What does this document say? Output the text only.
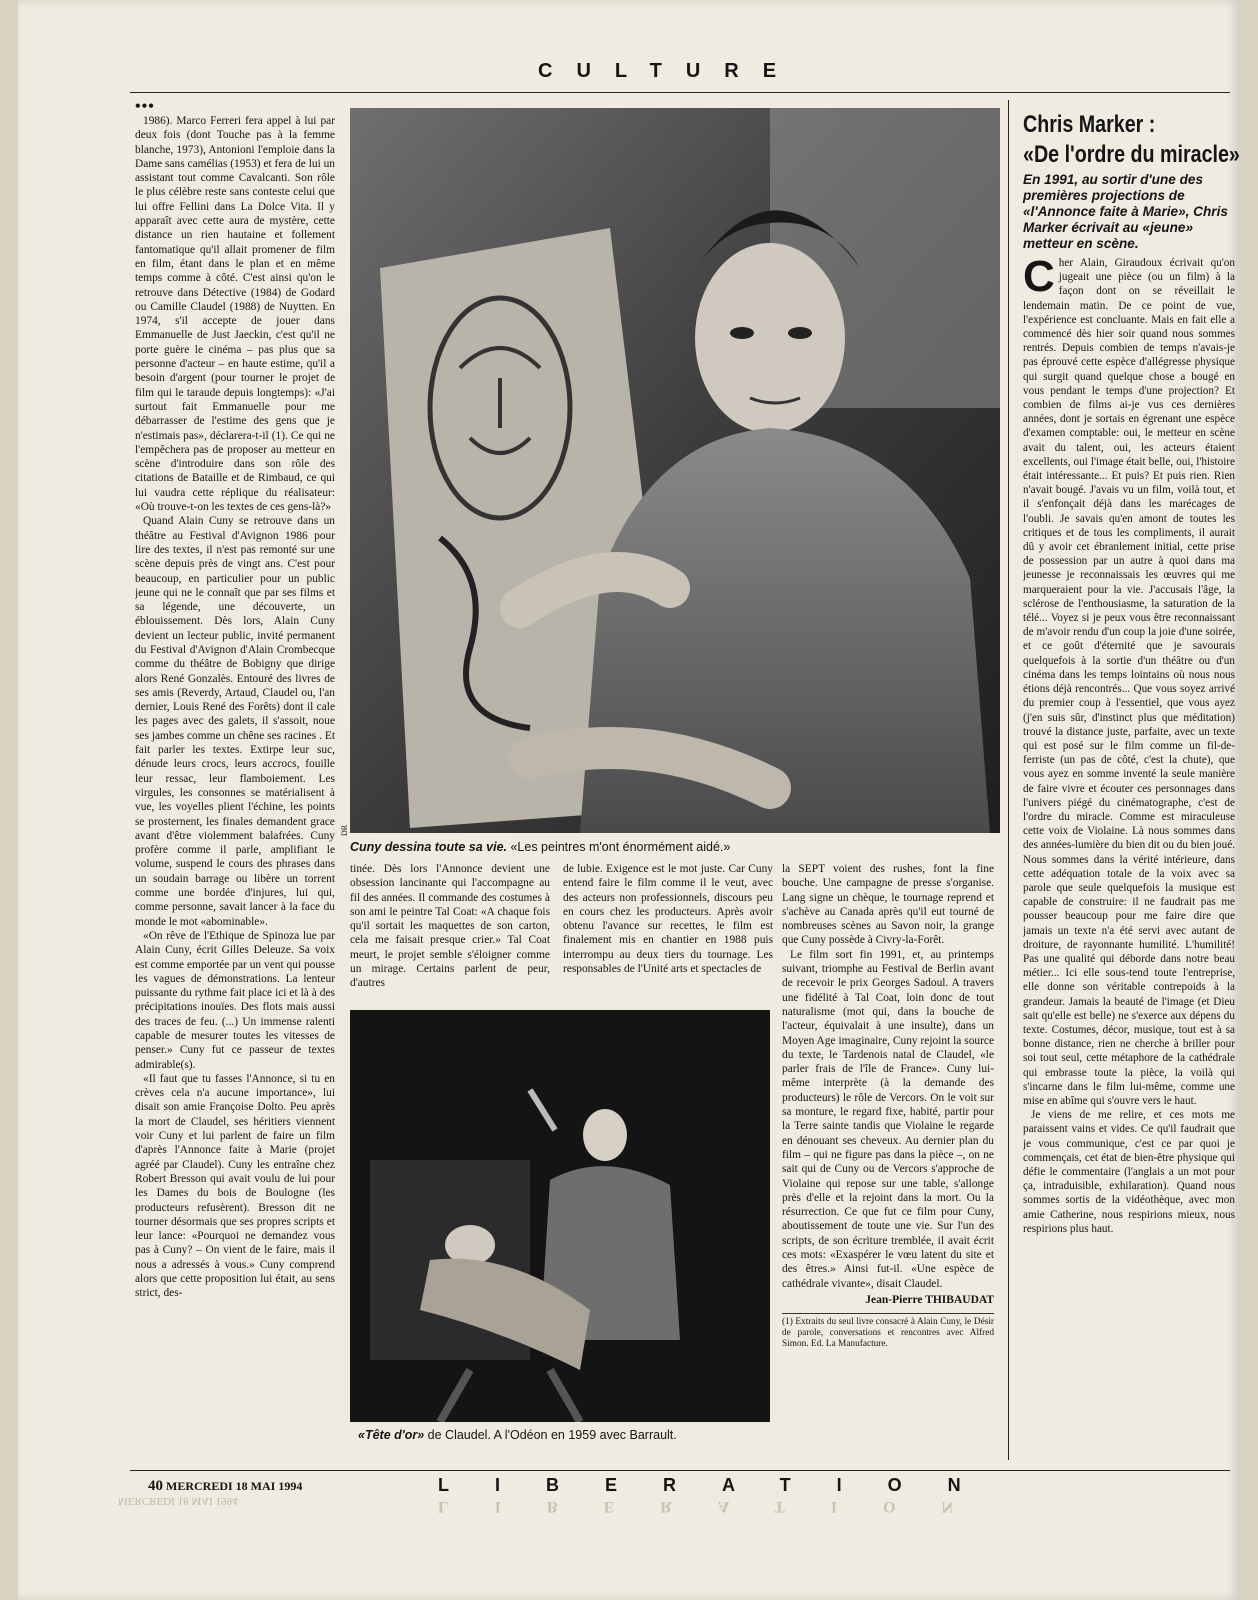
CULTURE
•••

1986). Marco Ferreri fera appel à lui par deux fois (dont Touche pas à la femme blanche, 1973), Antonioni l'emploie dans la Dame sans camélias (1953) et fera de lui un assistant tout comme Cavalcanti. Son rôle le plus célèbre reste sans conteste celui que lui offre Fellini dans La Dolce Vita. Il y apparaît avec cette aura de mystère, cette distance un rien hautaine et follement fantomatique qu'il allait promener de film en film, étant dans le plan et en même temps comme à côté. C'est ainsi qu'on le retrouve dans Détective (1984) de Godard ou Camille Claudel (1988) de Nuytten. En 1974, s'il accepte de jouer dans Emmanuelle de Just Jaeckin, c'est qu'il ne porte guère le cinéma – pas plus que sa personne d'acteur – en haute estime, qu'il a besoin d'argent (pour tourner le projet de film qui le taraude depuis longtemps): «J'ai surtout fait Emmanuelle pour me débarrasser de l'estime des gens que je n'estimais pas», déclarera-t-il (1). Ce qui ne l'empêchera pas de proposer au metteur en scène d'introduire dans son rôle des citations de Bataille et de Rimbaud, ce qui lui vaudra cette réplique du réalisateur: «Où trouve-t-on les textes de ces gens-là?»

Quand Alain Cuny se retrouve dans un théâtre au Festival d'Avignon 1986 pour lire des textes, il n'est pas remonté sur une scène depuis près de vingt ans. C'est pour beaucoup, en particulier pour un public jeune qui ne le connaît que par ses films et sa légende, une découverte, un éblouissement. Dès lors, Alain Cuny devient un lecteur public, invité permanent du Festival d'Avignon d'Alain Crombecque comme du théâtre de Bobigny que dirige alors René Gonzalès. Entouré des livres de ses amis (Reverdy, Artaud, Claudel ou, l'an dernier, Louis René des Forêts) dont il cale les pages avec des galets, il s'assoit, noue ses jambes comme un chêne ses racines . Et fait parler les textes. Extirpe leur suc, dénude leurs crocs, leurs accrocs, fouille leur ressac, leur flamboiement. Les virgules, les consonnes se matérialisent à vue, les voyelles plient l'échine, les points se prosternent, les finales demandent grace avant d'être violemment balafrées. Cuny profère comme il parle, amplifiant le volume, suspend le cours des phrases dans un soudain barrage ou libère un torrent comme une bordée d'injures, lui qui, comme personne, savait lancer à la face du monde le mot «abominable».

«On rêve de l'Ethique de Spinoza lue par Alain Cuny, écrit Gilles Deleuze. Sa voix est comme emportée par un vent qui pousse les vagues de démonstrations. La lenteur puissante du rythme fait place ici et là à des précipitations inouïes. Des flots mais aussi des traces de feu. (...) Un immense ralenti capable de mesurer toutes les vitesses de penser.» Cuny fut ce passeur de textes admirable(s).

«Il faut que tu fasses l'Annonce, si tu en crèves cela n'a aucune importance», lui disait son amie Françoise Dolto. Peu après la mort de Claudel, ses héritiers viennent voir Cuny et lui parlent de faire un film d'après l'Annonce faite à Marie (projet agréé par Claudel). Cuny les entraîne chez Robert Bresson qui avait voulu de lui pour les Dames du bois de Boulogne (les producteurs refusèrent). Bresson dit ne tourner désormais que ses propres scripts et leur lance: «Pourquoi ne demandez vous pas à Cuny? – On vient de le faire, mais il nous a adressés à vous.» Cuny comprend alors que cette proposition lui était, au sens strict, des-

DR
Cuny dessina toute sa vie. «Les peintres m'ont énormément aidé.»

tinée. Dès lors l'Annonce devient une obsession lancinante qui l'accompagne au fil des années. Il commande des costumes à son ami le peintre Tal Coat: «A chaque fois qu'il sortait les maquettes de son carton, cela me faisait presque crier.» Tal Coat meurt, le projet semble s'éloigner comme un mirage. Certains parlent de peur, d'autres

de lubie. Exigence est le mot juste. Car Cuny entend faire le film comme il le veut, avec des acteurs non professionnels, discours peu en cours chez les producteurs. Après avoir obtenu l'avance sur recettes, le film est finalement mis en chantier en 1988 puis interrompu au deux tiers du tournage. Les responsables de l'Unité arts et spectacles de

Lipnitzki-Viollet
«Tête d'or» de Claudel. A l'Odéon en 1959 avec Barrault.

la SEPT voient des rushes, font la fine bouche. Une campagne de presse s'organise. Lang signe un chèque, le tournage reprend et s'achève au Canada après qu'il eut tourné de nombreuses scènes au Savon noir, la grange que Cuny possède à Civry-la-Forêt.

Le film sort fin 1991, et, au printemps suivant, triomphe au Festival de Berlin avant de recevoir le prix Georges Sadoul. A travers une fidélité à Tal Coat, loin donc de tout naturalisme (mot qui, dans la bouche de l'acteur, équivalait à une insulte), dans un Moyen Age imaginaire, Cuny rejoint la source du texte, le Tardenois natal de Claudel, «le parler frais de l'île de France». Cuny lui-même interprète (à la demande des producteurs) le rôle de Vercors. On le voit sur sa monture, le regard fixe, habité, partir pour la Terre sainte tandis que Violaine le regarde en dénouant ses cheveux. Au dernier plan du film – qui ne figure pas dans la pièce –, on ne sait qui de Cuny ou de Vercors s'approche de Violaine qui repose sur une table, s'allonge près d'elle et la rejoint dans la mort. Ou la résurrection. Ce que fut ce film pour Cuny, aboutissement de toute une vie. Sur l'un des scripts, de son écriture tremblée, il avait écrit ces mots: «Exaspérer le vœu latent du site et des êtres.» Ainsi fut-il. «Une espèce de cathédrale vivante», disait Claudel.

Jean-Pierre THIBAUDAT
(1) Extraits du seul livre consacré à Alain Cuny, le Désir de parole, conversations et rencontres avec Alfred Simon. Ed. La Manufacture.
Chris Marker :
«De l'ordre du miracle»
En 1991, au sortir d'une des premières projections de «l'Annonce faite à Marie», Chris Marker écrivait au «jeune» metteur en scène.

Cher Alain, Giraudoux écrivait qu'on jugeait une pièce (ou un film) à la façon dont on se réveillait le lendemain matin. De ce point de vue, l'expérience est concluante. Mais en fait elle a commencé dès hier soir quand nous sommes rentrés. Depuis combien de temps n'avais-je pas éprouvé cette espèce d'allégresse physique qui surgit quand quelque chose a bougé en vous pendant le temps d'une projection? Et combien de films ai-je vus ces dernières années, dont je sortais en égrenant une espèce d'examen comptable: oui, le metteur en scène avait du talent, oui, les acteurs étaient excellents, oui l'image était belle, oui, l'histoire était intéressante... Et puis? Et puis rien. Rien n'avait bougé. J'avais vu un film, voilà tout, et il s'enfonçait déjà dans les marécages de l'oubli. Je savais qu'en amont de toutes les critiques et de tous les compliments, il aurait dû y avoir cet ébranlement initial, cette prise de possession par un autre à quoi dans ma jeunesse je reconnaissais les œuvres qui me marqueraient pour la vie. J'accusais l'âge, la sclérose de l'enthousiasme, la saturation de la télé... Voyez si je peux vous être reconnaissant de m'avoir rendu d'un coup la joie d'une soirée, et ce goût d'éternité que je savourais quelquefois à la sortie d'un théâtre ou d'un cinéma dans les temps lointains où nous nous étions déjà rencontrés... Que vous soyez arrivé du premier coup à l'essentiel, que vous ayez (j'en suis sûr, d'instinct plus que méditation) trouvé la distance juste, parfaite, avec un texte qui est posé sur le film comme un fil-de-ferriste (un pas de côté, c'est la chute), que vous ayez en somme inventé la seule manière de faire vivre et écouter ces personnages dans l'univers piégé du cinématographe, c'est de l'ordre du miracle. Comme est miraculeuse cette voix de Violaine. Là nous sommes dans des années-lumière du bien dit ou du bien joué. Nous sommes dans la vérité intérieure, dans cette adéquation totale de la voix avec sa parole que seule quelquefois la musique est capable de construire: il ne faudrait pas me pousser beaucoup pour me faire dire que jamais un texte n'a été servi avec autant de droiture, de rayonnante humilité. L'humilité! Pas une qualité qui déborde dans notre beau métier... Ici elle sous-tend toute l'entreprise, elle donne son véritable contrepoids à la grandeur. Jamais la beauté de l'image (et Dieu sait qu'elle est belle) ne s'exerce aux dépens du texte. Costumes, décor, musique, tout est à sa bonne distance, rien ne cherche à briller pour soi tout seul, cette métaphore de la cathédrale qui embrasse toute la pièce, la voilà qui s'incarne dans le film lui-même, comme une mise en abîme qui s'ouvre vers le haut.

Je viens de me relire, et ces mots me paraissent vains et vides. Ce qu'il faudrait que je vous communique, c'est ce par quoi je commençais, cet état de bien-être physique qui défie le commentaire (l'anglais a un mot pour ça, intraduisible, exhilaration). Quand nous sommes sortis de la vidéothèque, avec mon amie Catherine, nous respirions mieux, nous respirions plus haut.

40 MERCREDI 18 MAI 1994	LIBERATION
MERCREDI 18 MAI 1994	LIBERATION
